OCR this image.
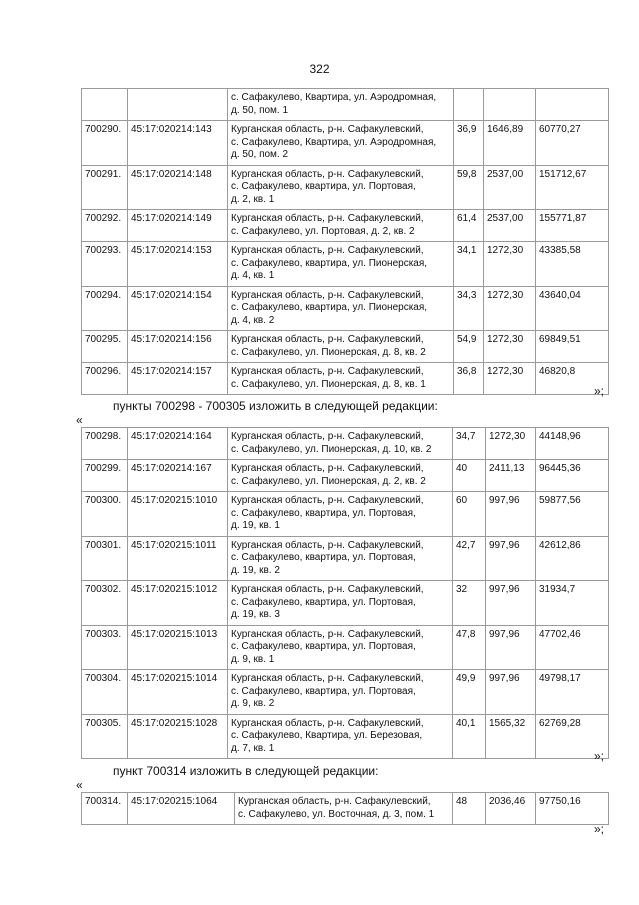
322

		с. Сафакулево, Квартира, ул. Аэродромная,
д. 50, пом. 1			

700290.	45:17:020214:143	Курганская область, р-н. Сафакулевский,
с. Сафакулево, Квартира, ул. Аэродромная,
д. 50, пом. 2	36,9	1646,89	60770,27
700291.	45:17:020214:148	Курганская область, р-н. Сафакулевский,
с. Сафакулево, квартира, ул. Портовая,
д. 2, кв. 1	59,8	2537,00	151712,67
700292.	45:17:020214:149	Курганская область, р-н. Сафакулевский,
с. Сафакулево, ул. Портовая, д. 2, кв. 2	61,4	2537,00	155771,87
700293.	45:17:020214:153	Курганская область, р-н. Сафакулевский,
с. Сафакулево, квартира, ул. Пионерская,
д. 4, кв. 1	34,1	1272,30	43385,58
700294.	45:17:020214:154	Курганская область, р-н. Сафакулевский,
с. Сафакулево, квартира, ул. Пионерская,
д. 4, кв. 2	34,3	1272,30	43640,04
700295.	45:17:020214:156	Курганская область, р-н. Сафакулевский,
с. Сафакулево, ул. Пионерская, д. 8, кв. 2	54,9	1272,30	69849,51
700296.	45:17:020214:157	Курганская область, р-н. Сафакулевский,
с. Сафакулево, ул. Пионерская, д. 8, кв. 1	36,8	1272,30	46820,8
»;
пункты 700298 - 700305 изложить в следующей редакции:
«
700298.	45:17:020214:164	Курганская область, р-н. Сафакулевский,
с. Сафакулево, ул. Пионерская, д. 10, кв. 2	34,7	1272,30	44148,96
700299.	45:17:020214:167	Курганская область, р-н. Сафакулевский,
с. Сафакулево, ул. Пионерская, д. 2, кв. 2	40	2411,13	96445,36
700300.	45:17:020215:1010	Курганская область, р-н. Сафакулевский,
с. Сафакулево, квартира, ул. Портовая,
д. 19, кв. 1	60	997,96	59877,56
700301.	45:17:020215:1011	Курганская область, р-н. Сафакулевский,
с. Сафакулево, квартира, ул. Портовая,
д. 19, кв. 2	42,7	997,96	42612,86
700302.	45:17:020215:1012	Курганская область, р-н. Сафакулевский,
с. Сафакулево, квартира, ул. Портовая,
д. 19, кв. 3	32	997,96	31934,7
700303.	45:17:020215:1013	Курганская область, р-н. Сафакулевский,
с. Сафакулево, квартира, ул. Портовая,
д. 9, кв. 1	47,8	997,96	47702,46
700304.	45:17:020215:1014	Курганская область, р-н. Сафакулевский,
с. Сафакулево, квартира, ул. Портовая,
д. 9, кв. 2	49,9	997,96	49798,17
700305.	45:17:020215:1028	Курганская область, р-н. Сафакулевский,
с. Сафакулево, Квартира, ул. Березовая,
д. 7, кв. 1	40,1	1565,32	62769,28
»;
пункт 700314 изложить в следующей редакции:
«
700314.	45:17:020215:1064	Курганская область, р-н. Сафакулевский,
с. Сафакулево, ул. Восточная, д. 3, пом. 1
	48	2036,46	97750,16
»;
